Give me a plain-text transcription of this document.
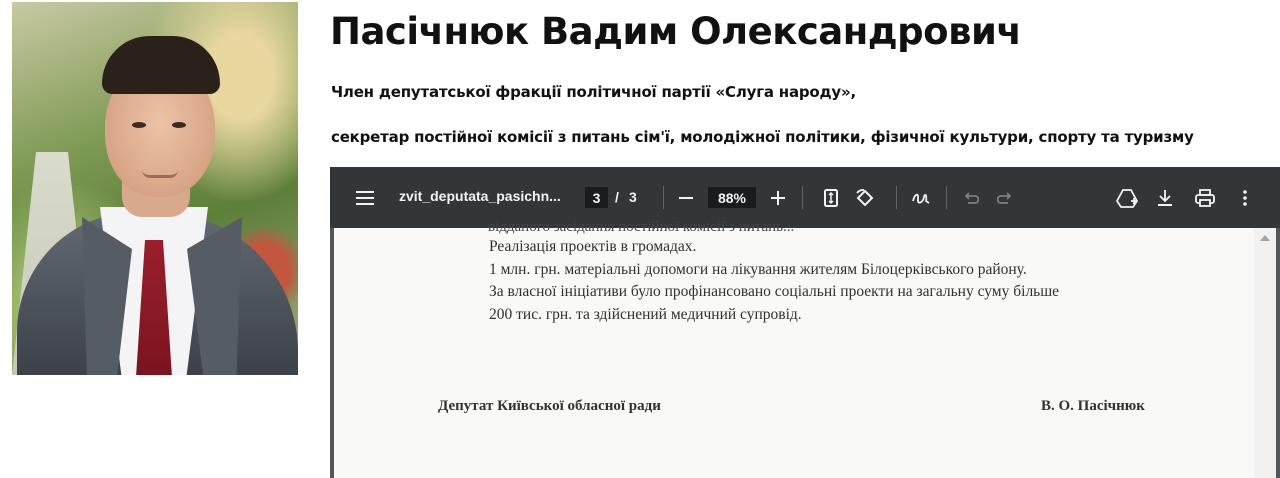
Пасічнюк Вадим Олександрович
Член депутатської фракції політичної партії «Слуга народу»,
секретар постійної комісії з питань сім'ї, молодіжної політики, фізичної культури, спорту та туризму
zvit_deputata_pasichn...	3	/ 3	88%
відданого засідання постійної комісії з питань...
Реалізація проектів в громадах.
1 млн. грн. матеріальні допомоги на лікування жителям Білоцерківського району.
За власної ініціативи було профінансовано соціальні проекти на загальну суму більше
200 тис. грн. та здійснений медичний супровід.
Депутат Київської обласної ради	В. О. Пасічнюк
